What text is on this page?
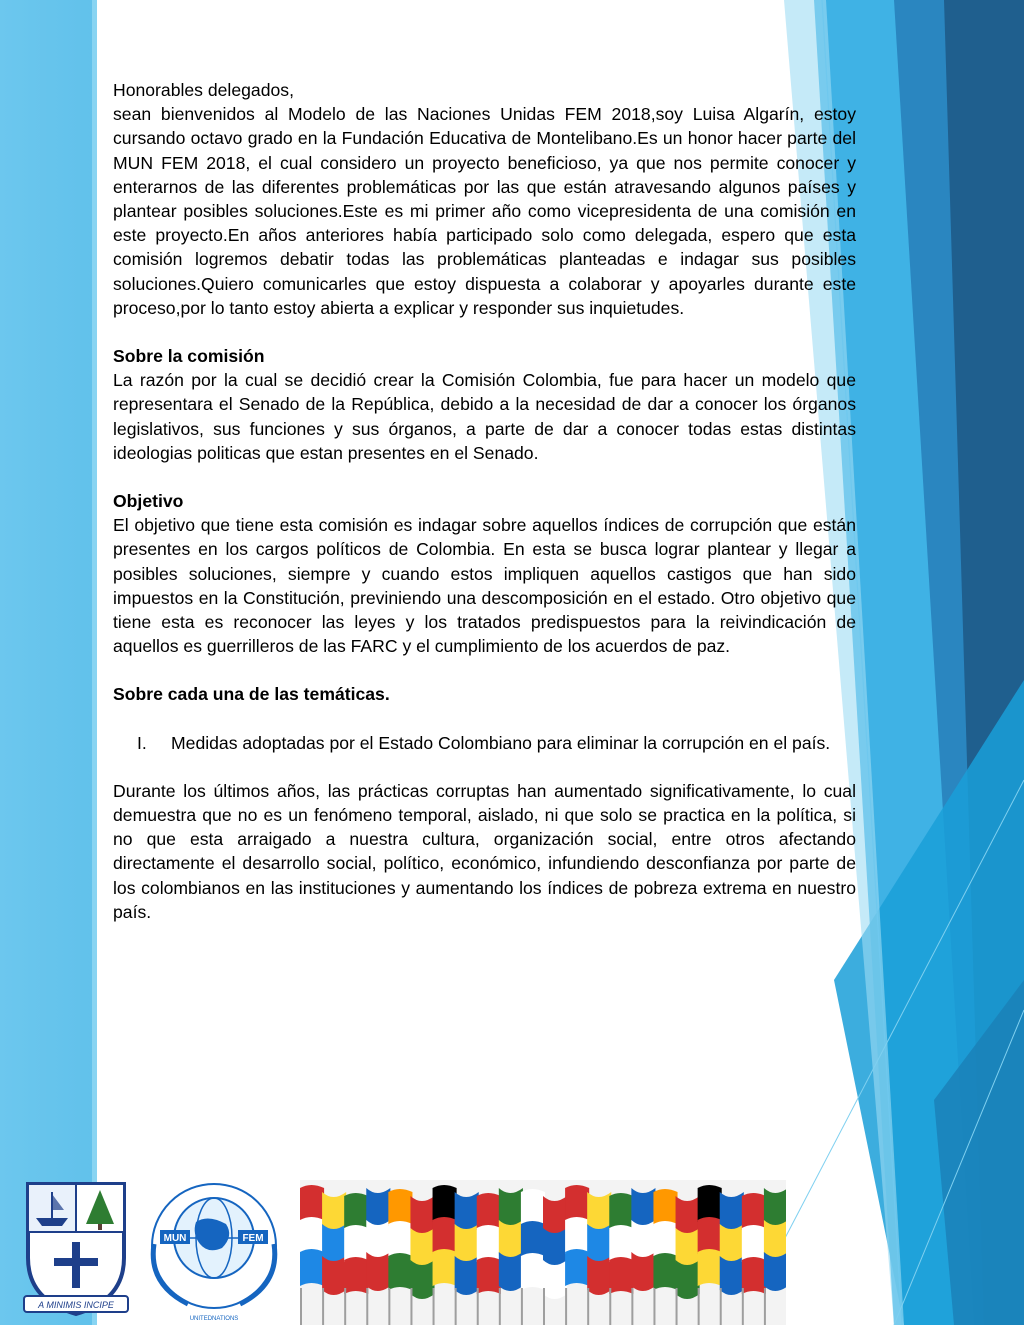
Honorables delegados,

sean bienvenidos al Modelo de las Naciones Unidas FEM 2018,soy Luisa Algarín, estoy cursando octavo grado en la Fundación Educativa de Montelibano.Es un honor hacer parte del MUN FEM 2018, el cual considero un proyecto beneficioso, ya que nos permite conocer y enterarnos de las diferentes problemáticas por las que están atravesando algunos países y plantear posibles soluciones.Este es mi primer año como vicepresidenta de una comisión en este proyecto.En años anteriores había participado solo como delegada, espero que esta comisión logremos debatir todas las problemáticas planteadas e indagar sus posibles soluciones.Quiero comunicarles que estoy dispuesta a colaborar y apoyarles durante este proceso,por lo tanto estoy abierta a explicar y responder sus inquietudes.

Sobre la comisión

La razón por la cual se decidió crear la Comisión Colombia, fue para hacer un modelo que representara el Senado de la República, debido a la necesidad de dar a conocer los órganos legislativos, sus funciones y sus órganos, a parte de dar a conocer todas estas distintas ideologias politicas que estan presentes en el Senado.

Objetivo

El objetivo que tiene esta comisión es indagar sobre aquellos índices de corrupción que están presentes en los cargos políticos de Colombia. En esta se busca lograr plantear y llegar a posibles soluciones, siempre y cuando estos impliquen aquellos castigos que han sido impuestos en la Constitución, previniendo una descomposición en el estado. Otro objetivo que tiene esta es reconocer las leyes y los tratados predispuestos para la reivindicación de aquellos es guerrilleros de las FARC y el cumplimiento de los acuerdos de paz.

Sobre cada una de las temáticas.

I.	Medidas adoptadas por el Estado Colombiano para eliminar la corrupción en el país.

Durante los últimos años, las prácticas corruptas han aumentado significativamente, lo cual demuestra que no es un fenómeno temporal, aislado, ni que solo se practica en la política, si no que esta arraigado a nuestra cultura, organización social, entre otros afectando directamente el desarrollo social, político, económico, infundiendo desconfianza por parte de los colombianos en las instituciones y aumentando los índices de pobreza extrema en nuestro país.

A MINIMIS INCIPE
MUN	FEM
UNITEDNATIONS
